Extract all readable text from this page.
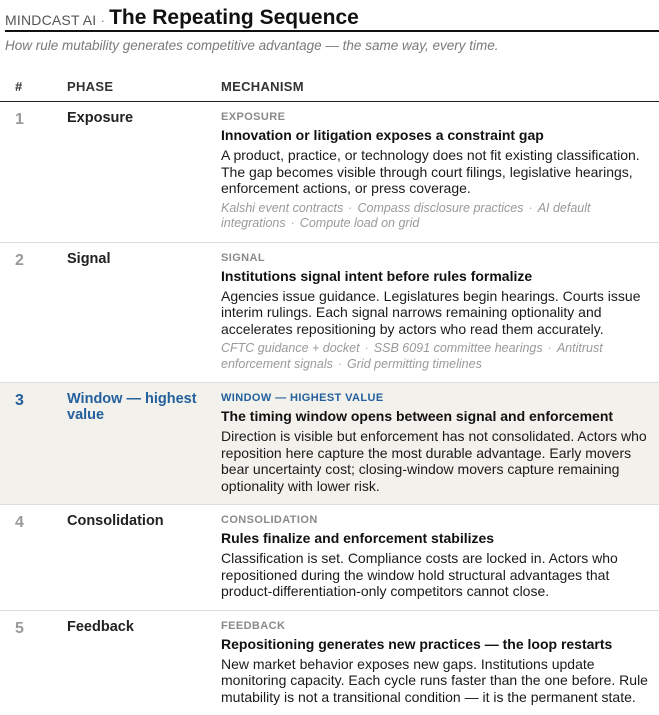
MINDCAST AI · The Repeating Sequence
How rule mutability generates competitive advantage — the same way, every time.
#	PHASE	MECHANISM
1	Exposure	EXPOSURE
Innovation or litigation exposes a constraint gap
A product, practice, or technology does not fit existing classification. The gap becomes visible through court filings, legislative hearings, enforcement actions, or press coverage.
Kalshi event contracts · Compass disclosure practices · AI default integrations · Compute load on grid
2	Signal	SIGNAL
Institutions signal intent before rules formalize
Agencies issue guidance. Legislatures begin hearings. Courts issue interim rulings. Each signal narrows remaining optionality and accelerates repositioning by actors who read them accurately.
CFTC guidance + docket · SSB 6091 committee hearings · Antitrust enforcement signals · Grid permitting timelines
3	Window — highest value
WINDOW — HIGHEST VALUE
The timing window opens between signal and enforcement
Direction is visible but enforcement has not consolidated. Actors who reposition here capture the most durable advantage. Early movers bear uncertainty cost; closing-window movers capture remaining optionality with lower risk.
4	Consolidation	CONSOLIDATION
Rules finalize and enforcement stabilizes
Classification is set. Compliance costs are locked in. Actors who repositioned during the window hold structural advantages that product-differentiation-only competitors cannot close.
5	Feedback	FEEDBACK
Repositioning generates new practices — the loop restarts
New market behavior exposes new gaps. Institutions update monitoring capacity. Each cycle runs faster than the one before. Rule mutability is not a transitional condition — it is the permanent state.
